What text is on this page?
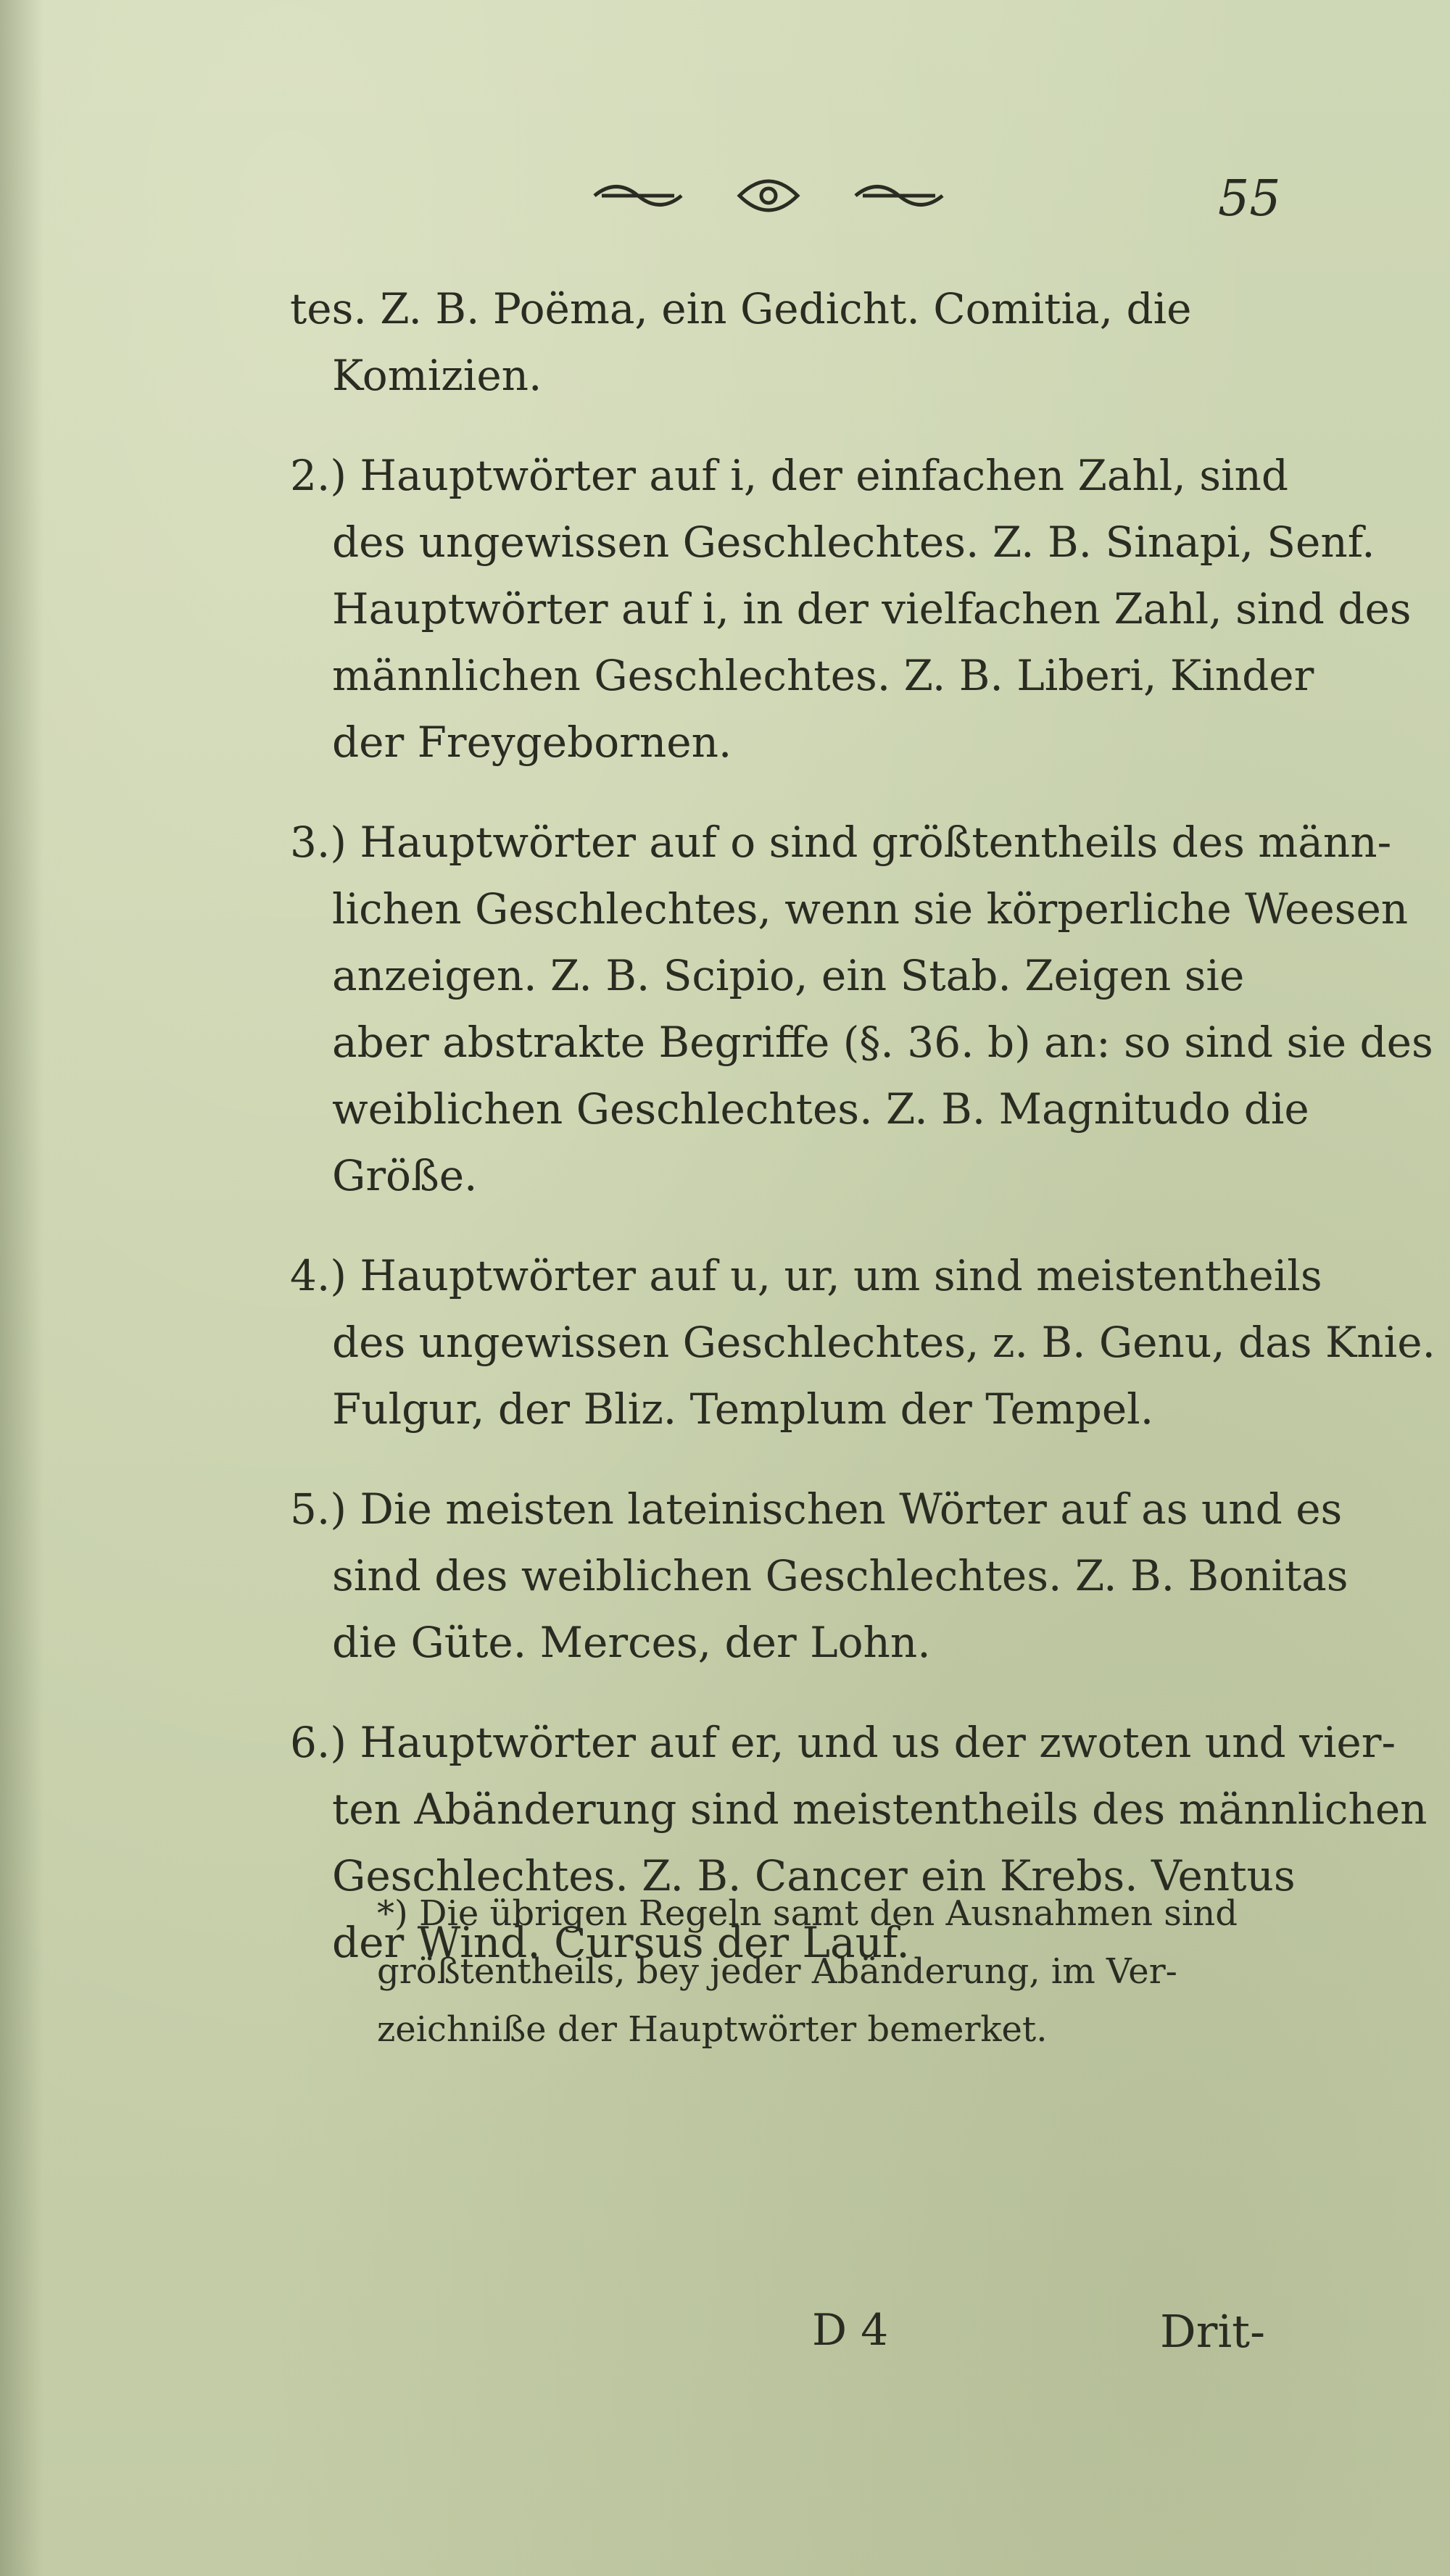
55

tes. Z. B. Poëma, ein Gedicht. Comitia, die

Komizien.

2.) Hauptwörter auf i, der einfachen Zahl, sind

des ungewissen Geschlechtes. Z. B. Sinapi, Senf.

Hauptwörter auf i, in der vielfachen Zahl, sind des

männlichen Geschlechtes. Z. B. Liberi, Kinder

der Freygebornen.

3.) Hauptwörter auf o sind größtentheils des männ-

lichen Geschlechtes, wenn sie körperliche Weesen

anzeigen. Z. B. Scipio, ein Stab. Zeigen sie

aber abstrakte Begriffe (§. 36. b) an: so sind sie des

weiblichen Geschlechtes. Z. B. Magnitudo die

Größe.

4.) Hauptwörter auf u, ur, um sind meistentheils

des ungewissen Geschlechtes, z. B. Genu, das Knie.

Fulgur, der Bliz. Templum der Tempel.

5.) Die meisten lateinischen Wörter auf as und es

sind des weiblichen Geschlechtes. Z. B. Bonitas

die Güte. Merces, der Lohn.

6.) Hauptwörter auf er, und us der zwoten und vier-

ten Abänderung sind meistentheils des männlichen

Geschlechtes. Z. B. Cancer ein Krebs. Ventus

der Wind. Cursus der Lauf.

*) Die übrigen Regeln samt den Ausnahmen sind

größtentheils, bey jeder Abänderung, im Ver-

zeichniße der Hauptwörter bemerket.

D 4	Drit-
